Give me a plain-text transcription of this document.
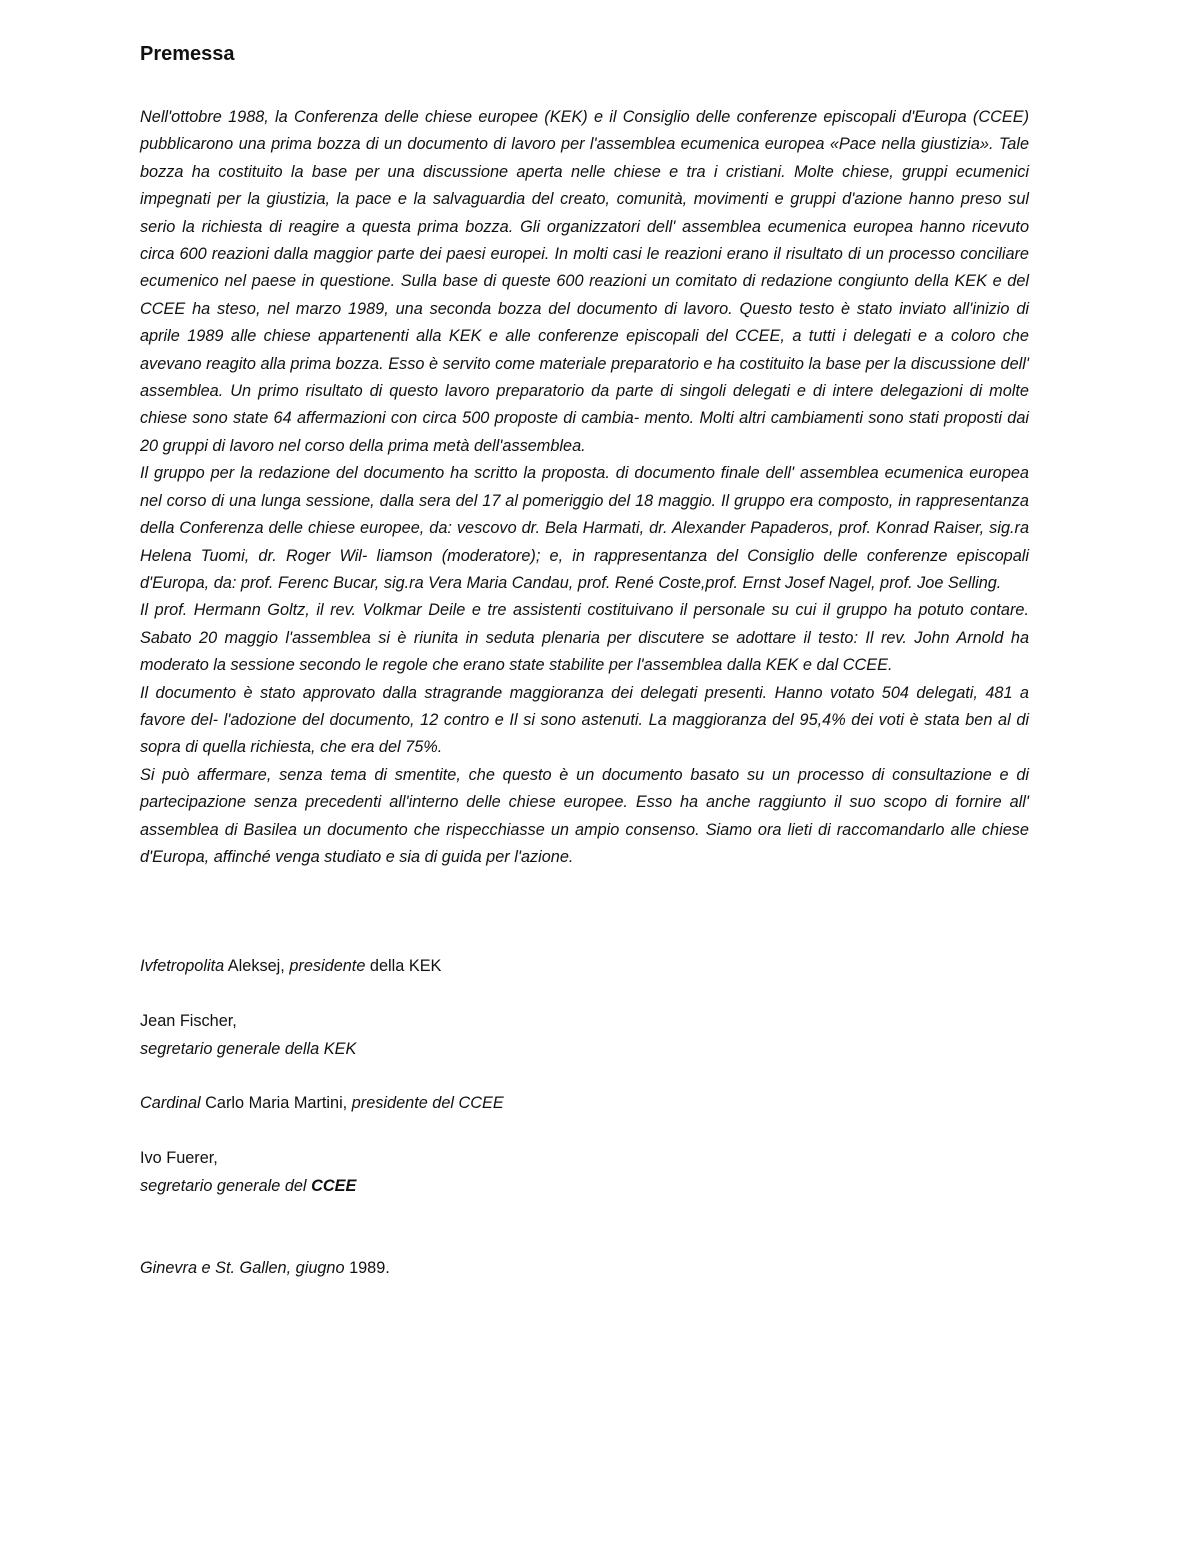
Premessa

Nell'ottobre 1988, la Conferenza delle chiese europee (KEK) e il Consiglio delle conferenze episcopali d'Europa (CCEE) pubblicarono una prima bozza di un documento di lavoro per l'assemblea ecumenica europea «Pace nella giustizia». Tale bozza ha costituito la base per una discussione aperta nelle chiese e tra i cristiani. Molte chiese, gruppi ecumenici impegnati per la giustizia, la pace e la salvaguardia del creato, comunità, movimenti e gruppi d'azione hanno preso sul serio la richiesta di reagire a questa prima bozza. Gli organizzatori dell' assemblea ecumenica europea hanno ricevuto circa 600 reazioni dalla maggior parte dei paesi europei. In molti casi le reazioni erano il risultato di un processo conciliare ecumenico nel paese in questione. Sulla base di queste 600 reazioni un comitato di redazione congiunto della KEK e del CCEE ha steso, nel marzo 1989, una seconda bozza del documento di lavoro. Questo testo è stato inviato all'inizio di aprile 1989 alle chiese appartenenti alla KEK e alle conferenze episcopali del CCEE, a tutti i delegati e a coloro che avevano reagito alla prima bozza. Esso è servito come materiale preparatorio e ha costituito la base per la discussione dell' assemblea. Un primo risultato di questo lavoro preparatorio da parte di singoli delegati e di intere delegazioni di molte chiese sono state 64 affermazioni con circa 500 proposte di cambia- mento. Molti altri cambiamenti sono stati proposti dai 20 gruppi di lavoro nel corso della prima metà dell'assemblea.

Il gruppo per la redazione del documento ha scritto la proposta. di documento finale dell' assemblea ecumenica europea nel corso di una lunga sessione, dalla sera del 17 al pomeriggio del 18 maggio. Il gruppo era composto, in rappresentanza della Conferenza delle chiese europee, da: vescovo dr. Bela Harmati, dr. Alexander Papaderos, prof. Konrad Raiser, sig.ra Helena Tuomi, dr. Roger Wil- liamson (moderatore); e, in rappresentanza del Consiglio delle conferenze episcopali d'Europa, da: prof. Ferenc Bucar, sig.ra Vera Maria Candau, prof. René Coste,prof. Ernst Josef Nagel, prof. Joe Selling.

Il prof. Hermann Goltz, il rev. Volkmar Deile e tre assistenti costituivano il personale su cui il gruppo ha potuto contare. Sabato 20 maggio l'assemblea si è riunita in seduta plenaria per discutere se adottare il testo: Il rev. John Arnold ha moderato la sessione secondo le regole che erano state stabilite per l'assemblea dalla KEK e dal CCEE.

Il documento è stato approvato dalla stragrande maggioranza dei delegati presenti. Hanno votato 504 delegati, 481 a favore del- l'adozione del documento, 12 contro e Il si sono astenuti. La maggioranza del 95,4% dei voti è stata ben al di sopra di quella richiesta, che era del 75%.

Si può affermare, senza tema di smentite, che questo è un documento basato su un processo di consultazione e di partecipazione senza precedenti all'interno delle chiese europee. Esso ha anche raggiunto il suo scopo di fornire all' assemblea di Basilea un documento che rispecchiasse un ampio consenso. Siamo ora lieti di raccomandarlo alle chiese d'Europa, affinché venga studiato e sia di guida per l'azione.

Ivfetropolita Aleksej, presidente della KEK
Jean Fischer,
segretario generale della KEK
Cardinal Carlo Maria Martini, presidente del CCEE
Ivo Fuerer,
segretario generale del CCEE
Ginevra e St. Gallen, giugno 1989.
